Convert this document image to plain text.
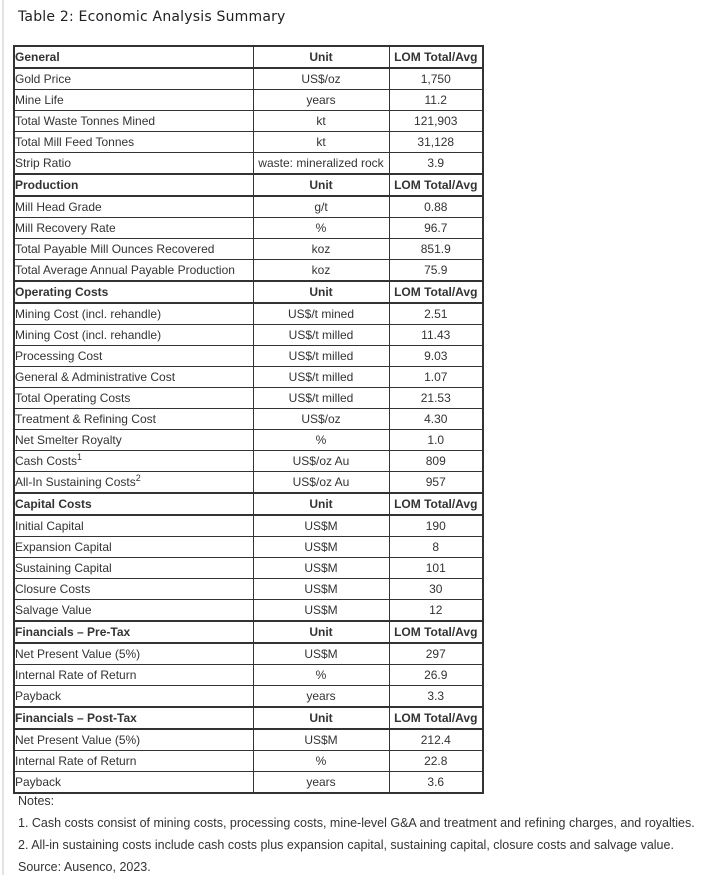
Table 2: Economic Analysis Summary
General	Unit	LOM Total/Avg
Gold Price	US$/oz	1,750
Mine Life	years	11.2
Total Waste Tonnes Mined	kt	121,903
Total Mill Feed Tonnes	kt	31,128
Strip Ratio	waste: mineralized rock	3.9
Production	Unit	LOM Total/Avg
Mill Head Grade	g/t	0.88
Mill Recovery Rate	%	96.7
Total Payable Mill Ounces Recovered	koz	851.9
Total Average Annual Payable Production	koz	75.9
Operating Costs	Unit	LOM Total/Avg
Mining Cost (incl. rehandle)	US$/t mined	2.51
Mining Cost (incl. rehandle)	US$/t milled	11.43
Processing Cost	US$/t milled	9.03
General & Administrative Cost	US$/t milled	1.07
Total Operating Costs	US$/t milled	21.53
Treatment & Refining Cost	US$/oz	4.30
Net Smelter Royalty	%	1.0
Cash Costs$^1$	US$/oz Au	809
All-In Sustaining Costs$^2$	US$/oz Au	957
Capital Costs	Unit	LOM Total/Avg
Initial Capital	US$M	190
Expansion Capital	US$M	8
Sustaining Capital	US$M	101
Closure Costs	US$M	30
Salvage Value	US$M	12
Financials – Pre-Tax	Unit	LOM Total/Avg
Net Present Value (5%)	US$M	297
Internal Rate of Return	%	26.9
Payback	years	3.3
Financials – Post-Tax	Unit	LOM Total/Avg
Net Present Value (5%)	US$M	212.4
Internal Rate of Return	%	22.8
Payback	years	3.6
Notes:
1. Cash costs consist of mining costs, processing costs, mine-level G&A and treatment and refining charges, and royalties.
2. All-in sustaining costs include cash costs plus expansion capital, sustaining capital, closure costs and salvage value.
Source: Ausenco, 2023.
